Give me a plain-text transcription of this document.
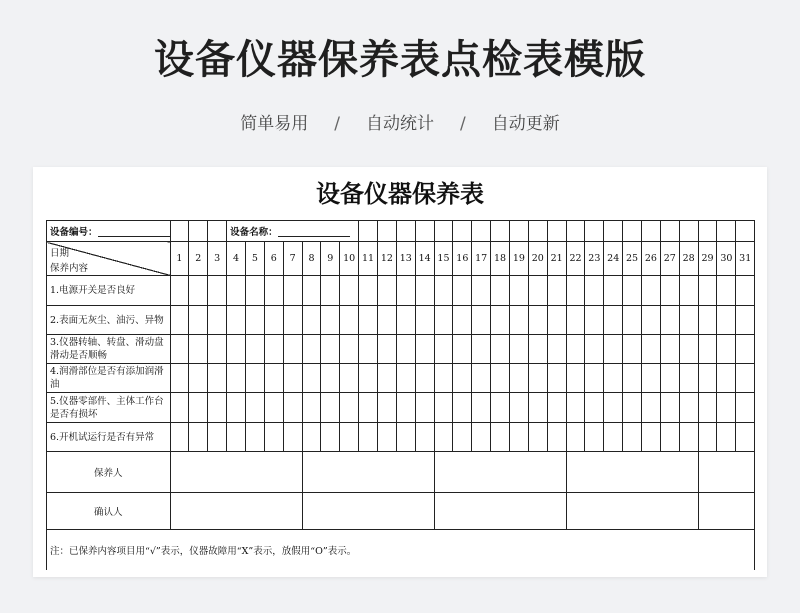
设备仪器保养表点检表模版
简单易用 / 自动统计 / 自动更新
设备仪器保养表
设备编号：				设备名称：																											

日期
保养内容	1	2	3	4	5	6	7	8	9	10	11	12	13	14	15	16	17	18	19	20	21	22	23	24	25	26	27	28	29	30	31
1.电源开关是否良好																															
2.表面无灰尘、油污、异物																															
3.仪器转轴、转盘、滑动盘滑动是否顺畅																															
4.润滑部位是否有添加润滑油																															
5.仪器零部件、主体工作台是否有损坏																															
6.开机试运行是否有异常																															
保养人																															
确认人																															
注：已保养内容项目用“√”表示，仪器故障用“X”表示，放假用“O”表示。																															
